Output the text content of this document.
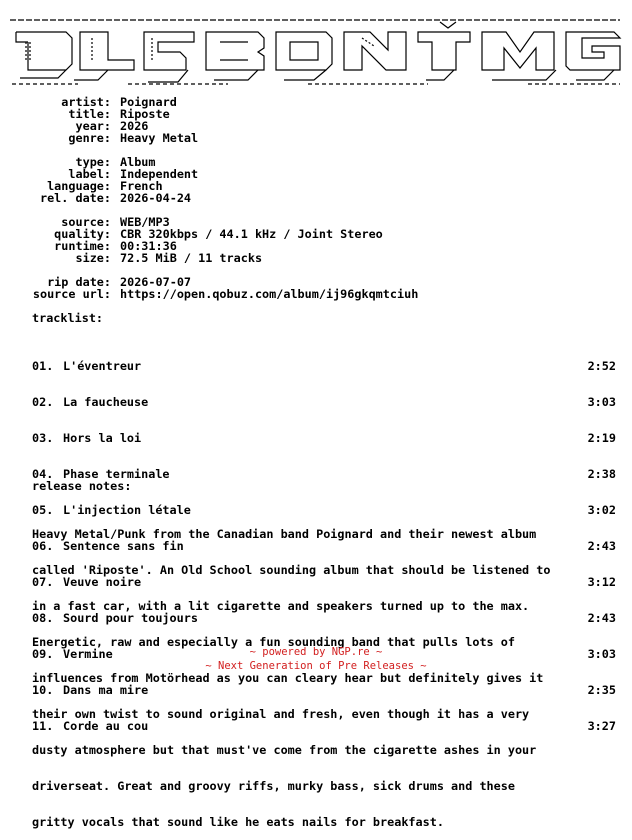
artist: Poignard
title: Riposte
year: 2026
genre: Heavy Metal
type: Album
label: Independent
language: French
rel. date: 2026-04-24
source: WEB/MP3
quality: CBR 320kbps / 44.1 kHz / Joint Stereo
runtime: 00:31:36
size: 72.5 MiB / 11 tracks
rip date: 2026-07-07
source url: https://open.qobuz.com/album/ij96gkqmtciuh
tracklist:

01. L'éventreur	2:52

02. La faucheuse	3:03

03. Hors la loi	2:19

04. Phase terminale	2:38

05. L'injection létale	3:02

06. Sentence sans fin	2:43

07. Veuve noire	3:12

08. Sourd pour toujours	2:43

09. Vermine	3:03

10. Dans ma mire	2:35

11. Corde au cou	3:27

release notes:

Heavy Metal/Punk from the Canadian band Poignard and their newest album

called 'Riposte'. An Old School sounding album that should be listened to

in a fast car, with a lit cigarette and speakers turned up to the max.

Energetic, raw and especially a fun sounding band that pulls lots of

influences from Motörhead as you can cleary hear but definitely gives it

their own twist to sound original and fresh, even though it has a very

dusty atmosphere but that must've come from the cigarette ashes in your

driverseat. Great and groovy riffs, murky bass, sick drums and these

gritty vocals that sound like he eats nails for breakfast.

~ powered by NGP.re ~
~ Next Generation of Pre Releases ~
